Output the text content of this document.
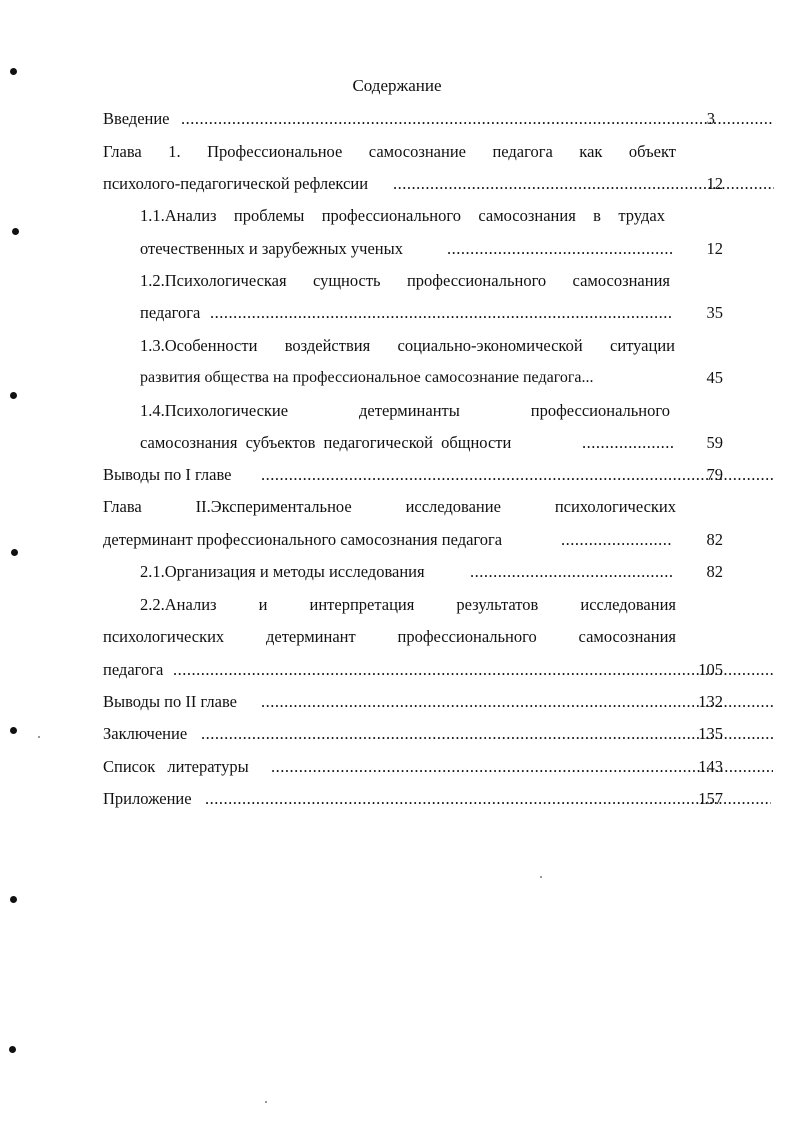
Содержание
Введение .....	3
Глава 1. Профессиональное самосознание педагога как объект
психолого-педагогической рефлексии .....	12
1.1.Анализ проблемы профессионального самосознания в трудах
отечественных и зарубежных ученых .....	12
1.2.Психологическая сущность профессионального самосознания
педагога .....	35
1.3.Особенности воздействия социально-экономической ситуации
развития общества на профессиональное самосознание педагога...	45
1.4.Психологические детерминанты профессионального
самосознания субъектов педагогической общности .....	59
Выводы по I главе .....	79
Глава II.Экспериментальное исследование психологических
детерминант профессионального самосознания педагога .....	82
2.1.Организация и методы исследования .....	82
2.2.Анализ и интерпретация результатов исследования
психологических детерминант профессионального самосознания
педагога .....	105
Выводы по II главе .....	132
Заключение .....	135
Список литературы .....	143
Приложение .....	157
